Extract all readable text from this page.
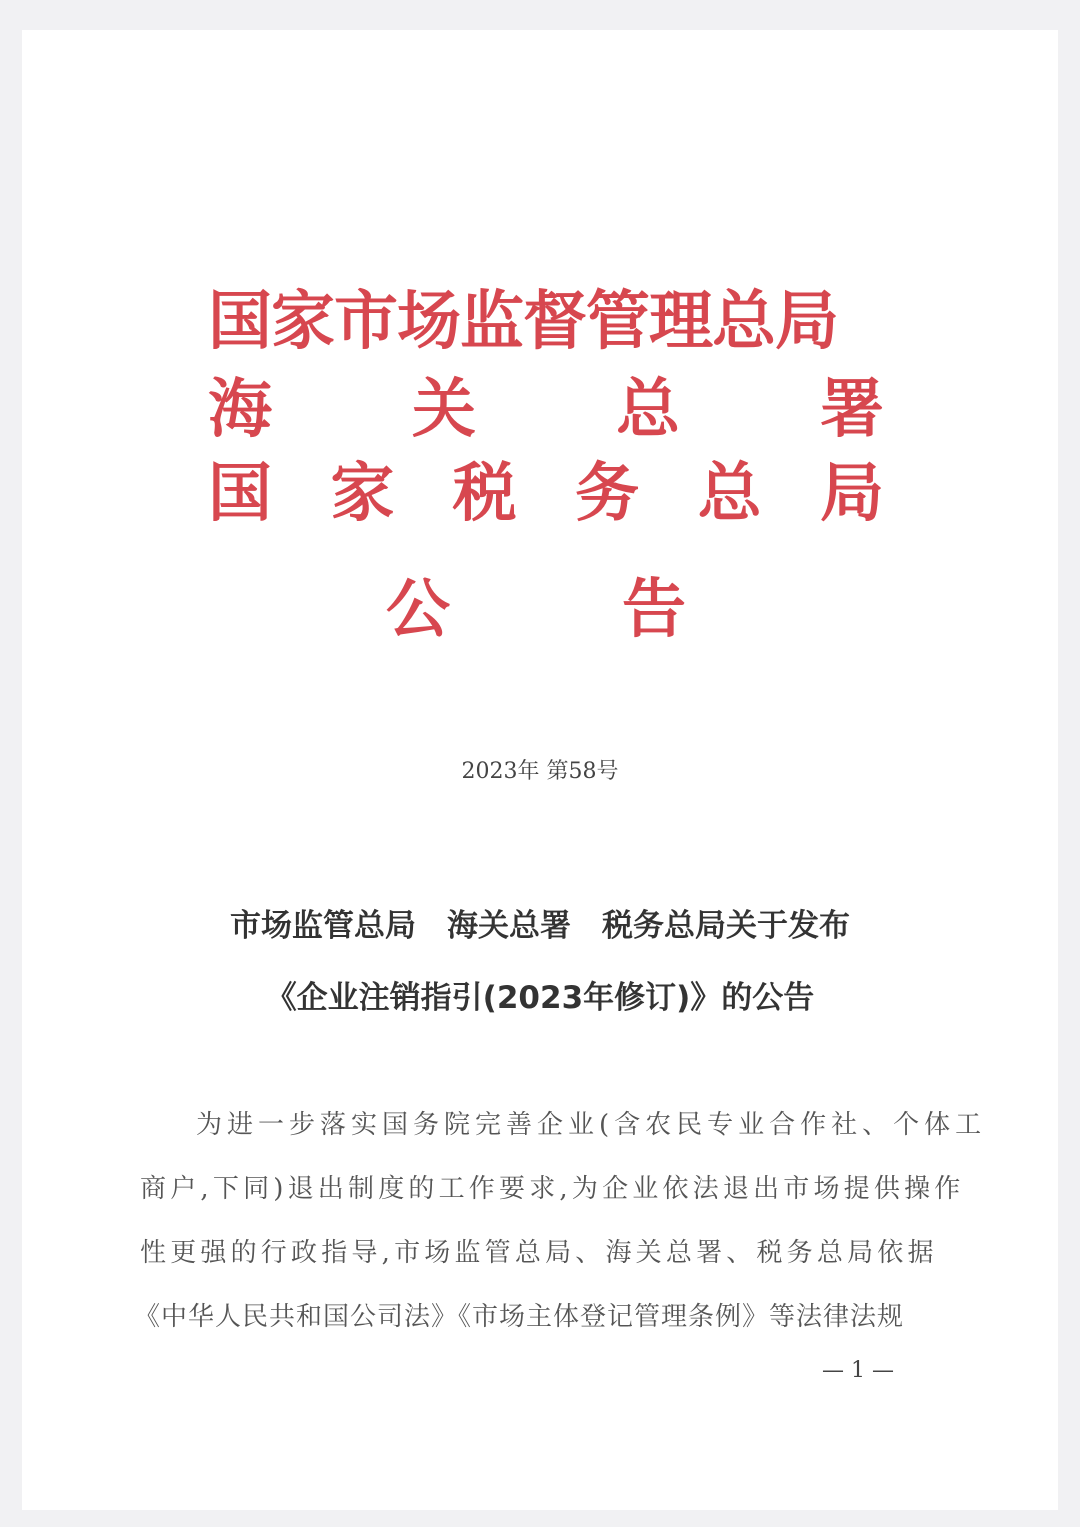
国家市场监督管理总局
海 关 总 署
国 家 税 务 总 局
公	告
2023年 第58号
市场监管总局　海关总署　税务总局关于发布
《企业注销指引(2023年修订)》的公告
为进一步落实国务院完善企业(含农民专业合作社、个体工
商户,下同)退出制度的工作要求,为企业依法退出市场提供操作
性更强的行政指导,市场监管总局、海关总署、税务总局依据
《中华人民共和国公司法》《市场主体登记管理条例》等法律法规
— 1 —
